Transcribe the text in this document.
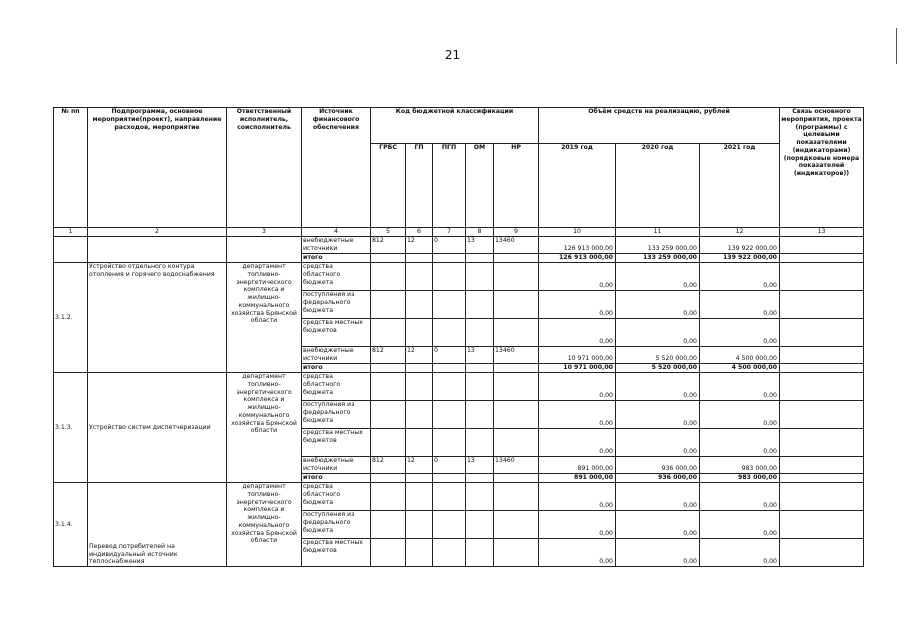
21
№ пп	Подпрограмма, основное мероприятие(проект), направление расходов, мероприятие	Ответственный исполнитель, соисполнитель	Источник финансового обеспечения	Код бюджетной классификации					Объём средств на реализацию, рублей			Связь основного мероприятия, проекта (программы) с целевыми показателями (индикаторами) (порядковые номера показателей (индикаторов))
				ГРБС	ГП	ПГП	ОМ	НР	2019 год	2020 год	2021 год	
1	2	3	4	5	6	7	8	9	10	11	12	13
			внебюджетные источники	812	12	0	13	13460	126 913 000,00	133 259 000,00	139 922 000,00	
			итого						126 913 000,00	133 259 000,00	139 922 000,00	
3.1.2.	Устройство отдельного контура отопления и горячего водоснабжения	департамент топливно-энергетического комплекса и жилищно-коммунального хозяйства Брянской области	средства областного бюджета						0,00	0,00	0,00	
			поступления из федерального бюджета						0,00	0,00	0,00	
			средства местных бюджетов						0,00	0,00	0,00	
			внебюджетные источники	812	12	0	13	13460	10 971 000,00	5 520 000,00	4 500 000,00	
			итого						10 971 000,00	5 520 000,00	4 500 000,00	
3.1.3.	Устройство систем диспетчеризации	департамент топливно-энергетического комплекса и жилищно-коммунального хозяйства Брянской области	средства областного бюджета						0,00	0,00	0,00	
			поступления из федерального бюджета						0,00	0,00	0,00	
			средства местных бюджетов						0,00	0,00	0,00	
			внебюджетные источники	812	12	0	13	13460	891 000,00	936 000,00	983 000,00	
			итого						891 000,00	936 000,00	983 000,00	
3.1.4.	Перевод потребителей на индивидуальный источник теплоснабжения	департамент топливно-энергетического комплекса и жилищно-коммунального хозяйства Брянской области	средства областного бюджета						0,00	0,00	0,00	
			поступления из федерального бюджета						0,00	0,00	0,00	
			средства местных бюджетов						0,00	0,00	0,00	
